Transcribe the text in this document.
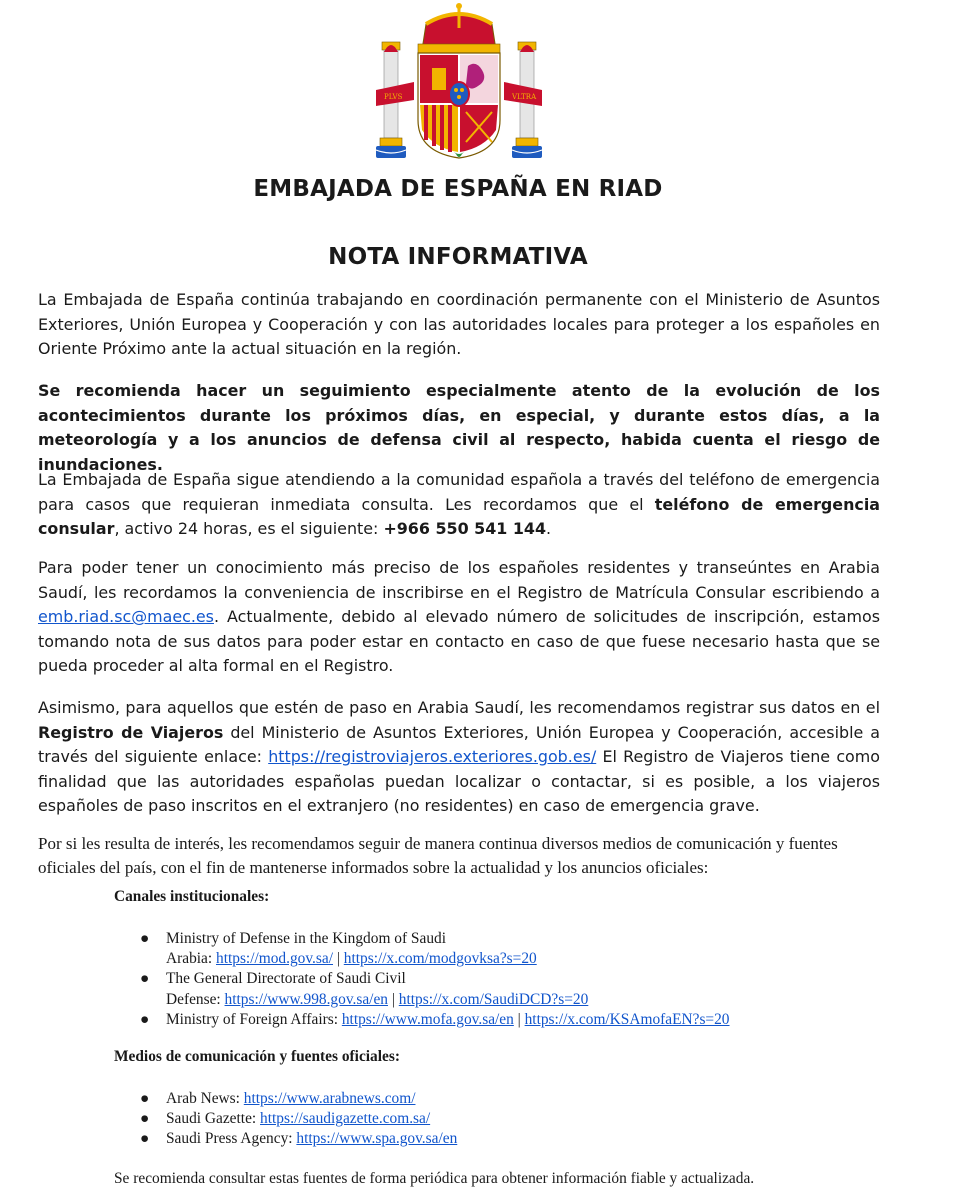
PLVS	VLTRA
EMBAJADA DE ESPAÑA EN RIAD
NOTA INFORMATIVA

La Embajada de España continúa trabajando en coordinación permanente con el Ministerio de Asuntos Exteriores, Unión Europea y Cooperación y con las autoridades locales para proteger a los españoles en Oriente Próximo ante la actual situación en la región.

Se recomienda hacer un seguimiento especialmente atento de la evolución de los acontecimientos durante los próximos días, en especial, y durante estos días, a la meteorología y a los anuncios de defensa civil al respecto, habida cuenta el riesgo de inundaciones.

La Embajada de España sigue atendiendo a la comunidad española a través del teléfono de emergencia para casos que requieran inmediata consulta. Les recordamos que el teléfono de emergencia consular, activo 24 horas, es el siguiente: +966 550 541 144.

Para poder tener un conocimiento más preciso de los españoles residentes y transeúntes en Arabia Saudí, les recordamos la conveniencia de inscribirse en el Registro de Matrícula Consular escribiendo a emb.riad.sc@maec.es. Actualmente, debido al elevado número de solicitudes de inscripción, estamos tomando nota de sus datos para poder estar en contacto en caso de que fuese necesario hasta que se pueda proceder al alta formal en el Registro.

Asimismo, para aquellos que estén de paso en Arabia Saudí, les recomendamos registrar sus datos en el Registro de Viajeros del Ministerio de Asuntos Exteriores, Unión Europea y Cooperación, accesible a través del siguiente enlace: https://registroviajeros.exteriores.gob.es/ El Registro de Viajeros tiene como finalidad que las autoridades españolas puedan localizar o contactar, si es posible, a los viajeros españoles de paso inscritos en el extranjero (no residentes) en caso de emergencia grave.

Por si les resulta de interés, les recomendamos seguir de manera continua diversos medios de comunicación y fuentes oficiales del país, con el fin de mantenerse informados sobre la actualidad y los anuncios oficiales:

Canales institucionales:

● Ministry of Defense in the Kingdom of Saudi
Arabia: https://mod.gov.sa/ | https://x.com/modgovksa?s=20
● The General Directorate of Saudi Civil
Defense: https://www.998.gov.sa/en | https://x.com/SaudiDCD?s=20
● Ministry of Foreign Affairs: https://www.mofa.gov.sa/en | https://x.com/KSAmofaEN?s=20

Medios de comunicación y fuentes oficiales:

● Arab News: https://www.arabnews.com/
● Saudi Gazette: https://saudigazette.com.sa/
● Saudi Press Agency: https://www.spa.gov.sa/en

Se recomienda consultar estas fuentes de forma periódica para obtener información fiable y actualizada.
